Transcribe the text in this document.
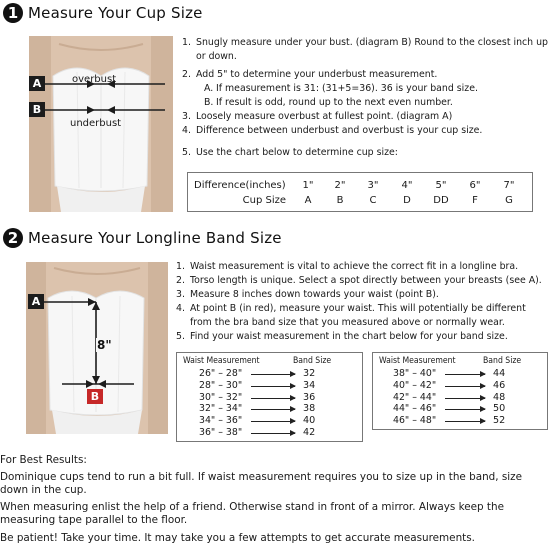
1 Measure Your Cup Size
A
B
overbust
underbust
1. Snugly measure under your bust. (diagram B) Round to the closest inch up or down.
2. Add 5" to determine your underbust measurement.
A. If measurement is 31: (31+5=36). 36 is your band size.
B. If result is odd, round up to the next even number.
3. Loosely measure overbust at fullest point. (diagram A)
4. Difference between underbust and overbust is your cup size.
5. Use the chart below to determine cup size:
Difference(inches)	1"	2"	3"	4"	5"	6"	7"
Cup Size	A	B	C	D	DD	F	G
2 Measure Your Longline Band Size
A
B
8"
1. Waist measurement is vital to achieve the correct fit in a longline bra.
2. Torso length is unique. Select a spot directly between your breasts (see A).
3. Measure 8 inches down towards your waist (point B).
4. At point B (in red), measure your waist. This will potentially be different from the bra band size that you measured above or normally wear.
5. Find your waist measurement in the chart below for your band size.
Waist Measurement	Band Size
26" – 28"	32
28" – 30"	34
30" – 32"	36
32" – 34"	38
34" – 36"	40
36" – 38"	42
Waist Measurement	Band Size
38" – 40"	44
40" – 42"	46
42" – 44"	48
44" – 46"	50
46" – 48"	52

For Best Results:

Dominique cups tend to run a bit full. If waist measurement requires you to size up in the band, size down in the cup.

When measuring enlist the help of a friend. Otherwise stand in front of a mirror. Always keep the measuring tape parallel to the floor.

Be patient! Take your time. It may take you a few attempts to get accurate measurements.
